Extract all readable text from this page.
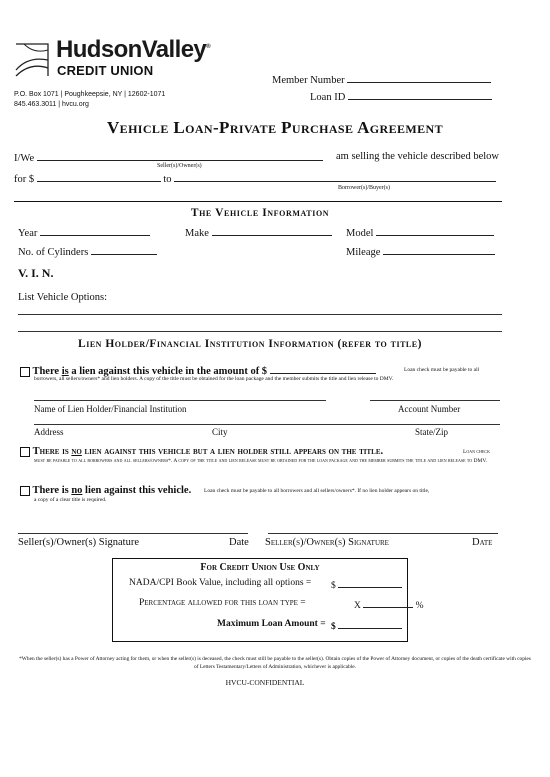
HudsonValley®
CREDIT UNION
P.O. Box 1071 | Poughkeepsie, NY | 12602-1071
845.463.3011 | hvcu.org
Member Number
Loan ID
Vehicle Loan-Private Purchase Agreement
I/We	am selling the vehicle described below
Seller(s)/Owner(s)
for $	to
Borrower(s)/Buyer(s)
The Vehicle Information
Year	Make	Model
No. of Cylinders	Mileage
V. I. N.
List Vehicle Options:
Lien Holder/Financial Institution Information (refer to title)
There is a lien against this vehicle in the amount of $	Loan check must be payable to all
borrowers, all sellers/owners* and lien holders. A copy of the title must be obtained for the loan package and the member submits the title and lien release to DMV.
Name of Lien Holder/Financial Institution	Account Number
Address	City	State/Zip
There is no lien against this vehicle but a lien holder still appears on the title.	Loan check
must be payable to all borrowers and all sellers/owners*. A copy of the title and lien release must be obtained for the loan package and the member submits the title and lien release to DMV.
There is no lien against this vehicle. Loan check must be payable to all borrowers and all sellers/owners*. If no lien holder appears on title,
a copy of a clear title is required.
Seller(s)/Owner(s) Signature	Date Seller(s)/Owner(s) Signature	Date
For Credit Union Use Only
NADA/CPI Book Value, including all options = $
Percentage allowed for this loan type =	X	%
Maximum Loan Amount = $
*When the seller(s) has a Power of Attorney acting for them, or when the seller(s) is deceased, the check must still be payable to the seller(s). Obtain copies of the Power of Attorney document, or copies of the death certificate with copies of Letters Testamentary/Letters of Administration, whichever is applicable.
HVCU-CONFIDENTIAL
